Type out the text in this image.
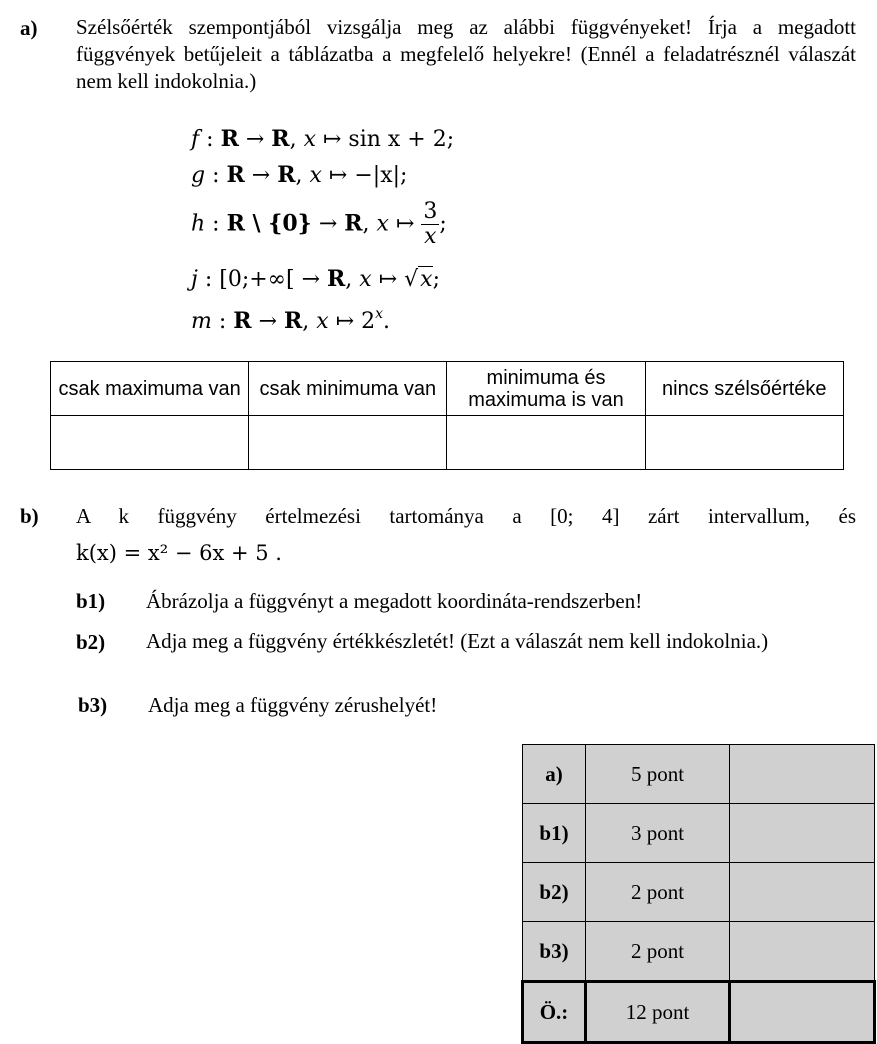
a) Szélsőérték szempontjából vizsgálja meg az alábbi függvényeket! Írja a megadott függvények betűjeleit a táblázatba a megfelelő helyekre! (Ennél a feladatrésznél válaszát nem kell indokolnia.)
f : R → R, x ↦ sin x + 2;
g : R → R, x ↦ −|x|;
h : R \ {0} → R, x ↦ $\frac{3}{x}$ ;
j : [0;+∞[ → R, x ↦ √x;
m : R → R, x ↦ 2$^x$.
csak maximuma van	csak minimuma van	minimuma és maximuma is van	nincs szélsőértéke

b) A k függvény értelmezési tartománya a [0; 4] zárt intervallum, és
k(x) = x² − 6x + 5 .
b1) Ábrázolja a függvényt a megadott koordináta-rendszerben!
b2) Adja meg a függvény értékkészletét! (Ezt a válaszát nem kell indokolnia.)
b3) Adja meg a függvény zérushelyét!
a)	5 pont	
b1)	3 pont	
b2)	2 pont	
b3)	2 pont	
Ö.:	12 pont	
